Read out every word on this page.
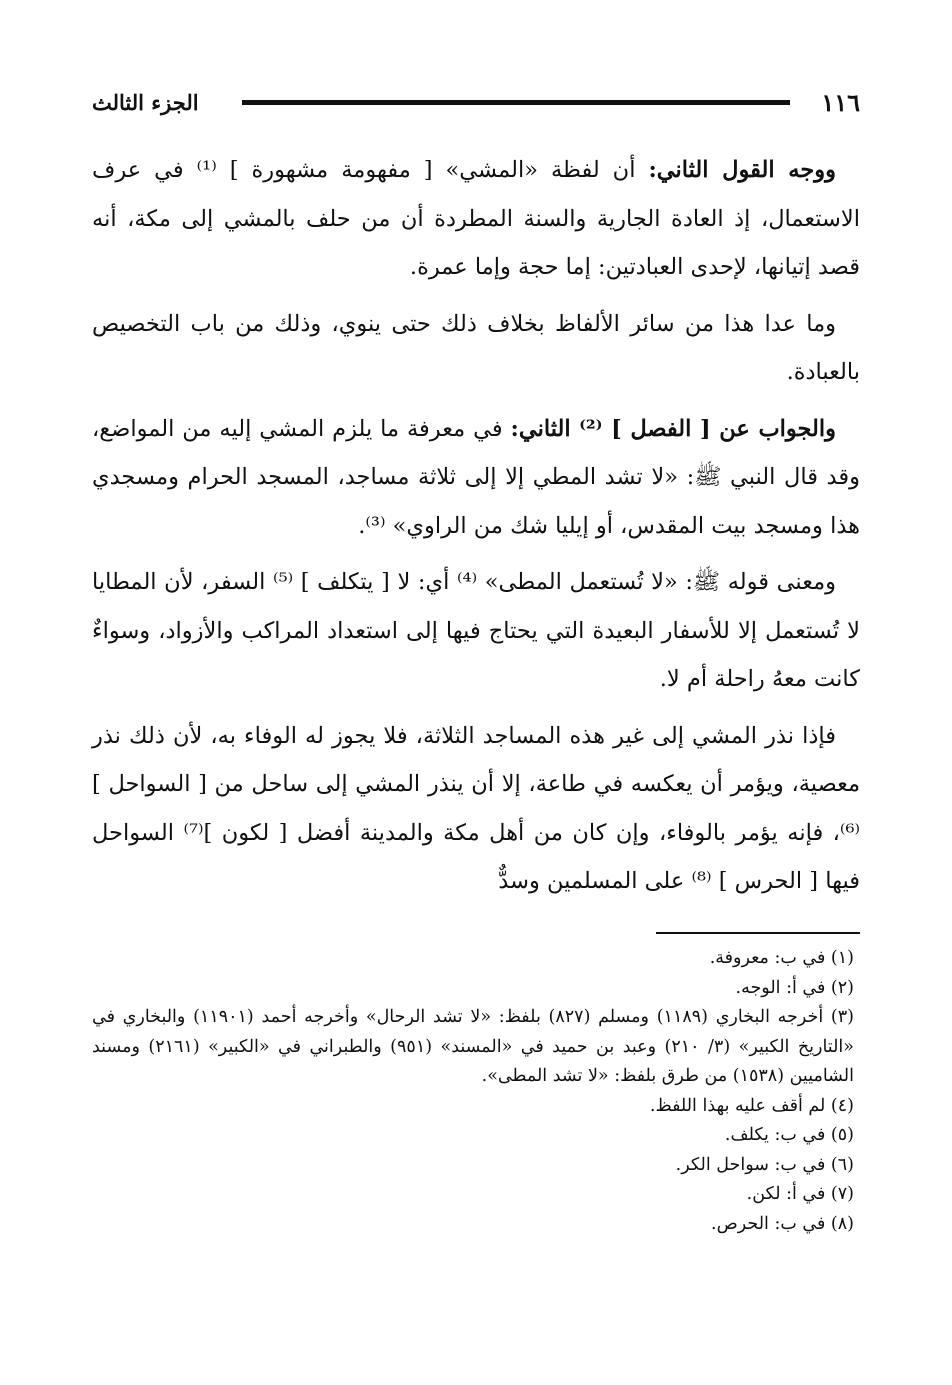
١١٦
الجزء الثالث

ووجه القول الثاني: أن لفظة «المشي» [ مفهومة مشهورة ] ⁽¹⁾ في عرف الاستعمال، إذ العادة الجارية والسنة المطردة أن من حلف بالمشي إلى مكة، أنه قصد إتيانها، لإحدى العبادتين: إما حجة وإما عمرة.

وما عدا هذا من سائر الألفاظ بخلاف ذلك حتى ينوي، وذلك من باب التخصيص بالعبادة.

والجواب عن [ الفصل ] ⁽²⁾ الثاني: في معرفة ما يلزم المشي إليه من المواضع، وقد قال النبي ﷺ: «لا تشد المطي إلا إلى ثلاثة مساجد، المسجد الحرام ومسجدي هذا ومسجد بيت المقدس، أو إيليا شك من الراوي» ⁽³⁾.

ومعنى قوله ﷺ: «لا تُستعمل المطى» ⁽⁴⁾ أي: لا [ يتكلف ] ⁽⁵⁾ السفر، لأن المطايا لا تُستعمل إلا للأسفار البعيدة التي يحتاج فيها إلى استعداد المراكب والأزواد، وسواءٌ كانت معهُ راحلة أم لا.

فإذا نذر المشي إلى غير هذه المساجد الثلاثة، فلا يجوز له الوفاء به، لأن ذلك نذر معصية، ويؤمر أن يعكسه في طاعة، إلا أن ينذر المشي إلى ساحل من [ السواحل ]⁽⁶⁾، فإنه يؤمر بالوفاء، وإن كان من أهل مكة والمدينة أفضل [ لكون ]⁽⁷⁾ السواحل فيها [ الحرس ] ⁽⁸⁾ على المسلمين وسدٌّ

(١) في ب: معروفة.

(٢) في أ: الوجه.

(٣) أخرجه البخاري (١١٨٩) ومسلم (٨٢٧) بلفظ: «لا تشد الرحال» وأخرجه أحمد (١١٩٠١) والبخاري في «التاريخ الكبير» (٣/ ٢١٠) وعبد بن حميد في «المسند» (٩٥١) والطبراني في «الكبير» (٢١٦١) ومسند الشاميين (١٥٣٨) من طرق بلفظ: «لا تشد المطى».

(٤) لم أقف عليه بهذا اللفظ.

(٥) في ب: يكلف.

(٦) في ب: سواحل الكر.

(٧) في أ: لكن.

(٨) في ب: الحرص.
